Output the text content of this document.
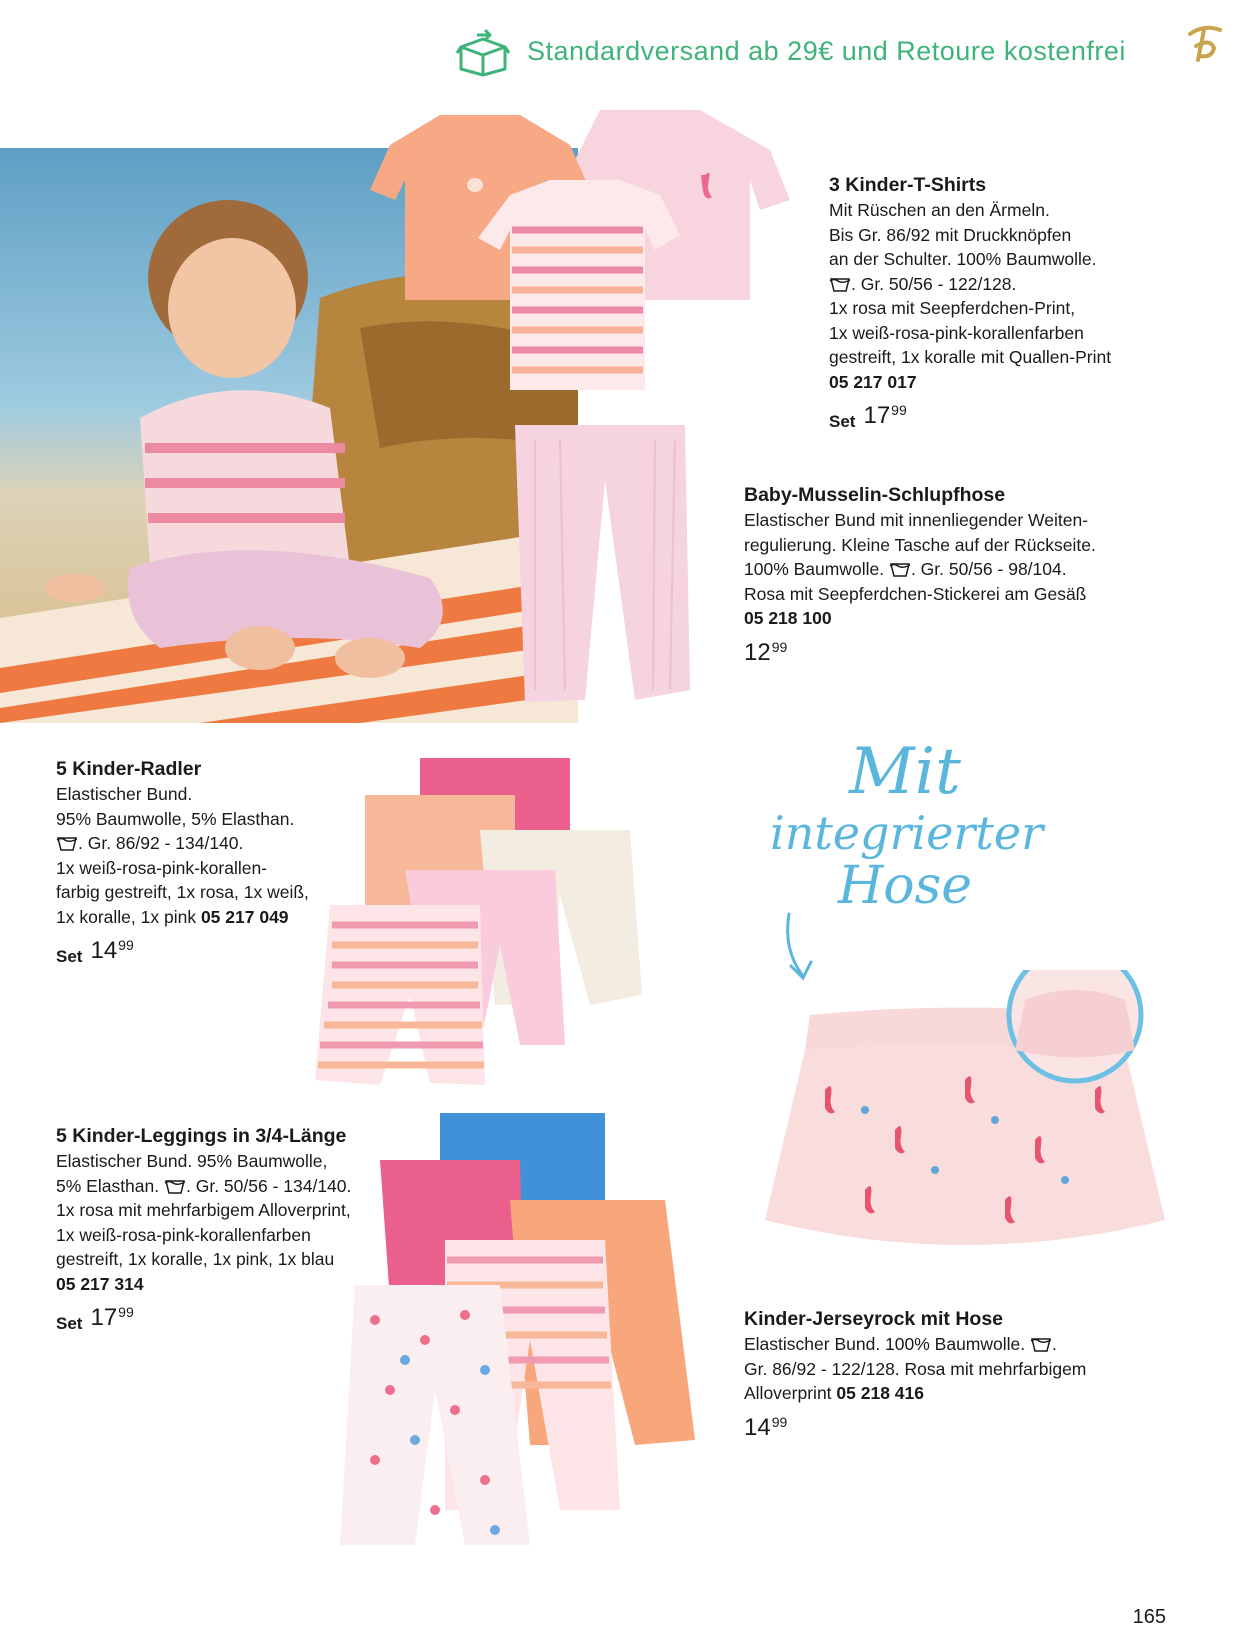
Standardversand ab 29€ und Retoure kostenfrei
Mit
integrierter
Hose
3 Kinder-T-Shirts
Mit Rüschen an den Ärmeln.
Bis Gr. 86/92 mit Druckknöpfen
an der Schulter. 100% Baumwolle.
. Gr. 50/56 - 122/128.
1x rosa mit Seepferdchen-Print,
1x weiß-rosa-pink-korallenfarben
gestreift, 1x koralle mit Quallen-Print
05 217 017
Set 17 99
Baby-Musselin-Schlupfhose
Elastischer Bund mit innenliegender Weiten-
regulierung. Kleine Tasche auf der Rückseite.
100% Baumwolle. . Gr. 50/56 - 98/104.
Rosa mit Seepferdchen-Stickerei am Gesäß
05 218 100
12 99
5 Kinder-Radler
Elastischer Bund.
95% Baumwolle, 5% Elasthan.
. Gr. 86/92 - 134/140.
1x weiß-rosa-pink-korallen-
farbig gestreift, 1x rosa, 1x weiß,
1x koralle, 1x pink 05 217 049
Set 14 99
5 Kinder-Leggings in 3/4-Länge
Elastischer Bund. 95% Baumwolle,
5% Elasthan. . Gr. 50/56 - 134/140.
1x rosa mit mehrfarbigem Alloverprint,
1x weiß-rosa-pink-korallenfarben
gestreift, 1x koralle, 1x pink, 1x blau
05 217 314
Set 17 99	Kinder-Jerseyrock mit Hose
Elastischer Bund. 100% Baumwolle. .
Gr. 86/92 - 122/128. Rosa mit mehrfarbigem
Alloverprint 05 218 416
14 99
165
